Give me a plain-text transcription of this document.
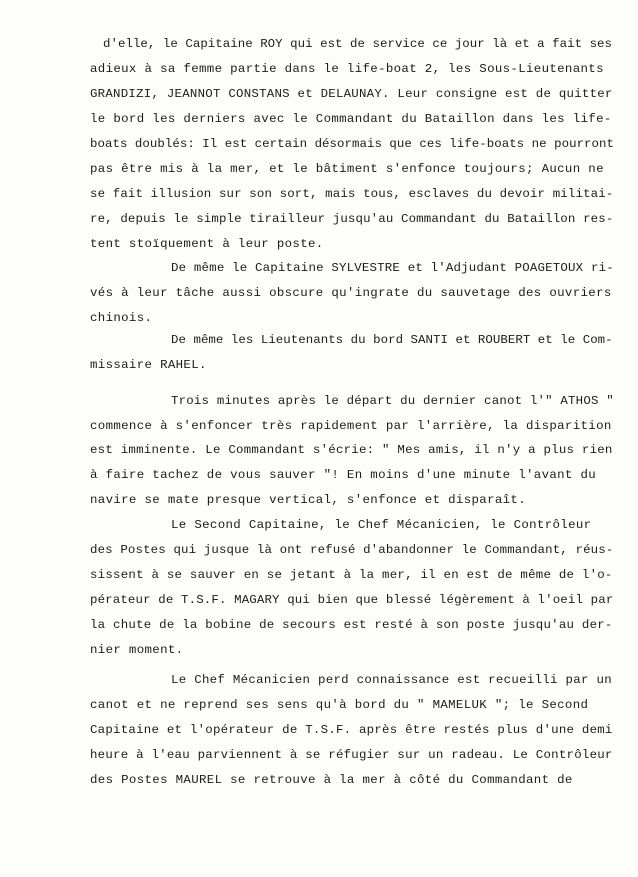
d'elle, le Capitaine ROY qui est de service ce jour là et a fait ses
adieux à sa femme partie dans le life-boat 2, les Sous-Lieutenants
GRANDIZI, JEANNOT CONSTANS et DELAUNAY. Leur consigne est de quitter
le bord les derniers avec le Commandant du Bataillon dans les life-
boats doublés: Il est certain désormais que ces life-boats ne pourront
pas être mis à la mer, et le bâtiment s'enfonce toujours; Aucun ne
se fait illusion sur son sort, mais tous, esclaves du devoir militai-
re, depuis le simple tirailleur jusqu'au Commandant du Bataillon res-
tent stoïquement à leur poste.
De même le Capitaine SYLVESTRE et l'Adjudant POAGETOUX ri-
vés à leur tâche aussi obscure qu'ingrate du sauvetage des ouvriers
chinois.
De même les Lieutenants du bord SANTI et ROUBERT et le Com-
missaire RAHEL.
Trois minutes après le départ du dernier canot l'" ATHOS "
commence à s'enfoncer très rapidement par l'arrière, la disparition
est imminente. Le Commandant s'écrie: " Mes amis, il n'y a plus rien
à faire tachez de vous sauver "! En moins d'une minute l'avant du
navire se mate presque vertical, s'enfonce et disparaît.
Le Second Capitaine, le Chef Mécanicien, le Contrôleur
des Postes qui jusque là ont refusé d'abandonner le Commandant, réus-
sissent à se sauver en se jetant à la mer, il en est de même de l'o-
pérateur de T.S.F. MAGARY qui bien que blessé légèrement à l'oeil par
la chute de la bobine de secours est resté à son poste jusqu'au der-
nier moment.
Le Chef Mécanicien perd connaissance est recueilli par un
canot et ne reprend ses sens qu'à bord du " MAMELUK "; le Second
Capitaine et l'opérateur de T.S.F. après être restés plus d'une demi
heure à l'eau parviennent à se réfugier sur un radeau. Le Contrôleur
des Postes MAUREL se retrouve à la mer à côté du Commandant de
